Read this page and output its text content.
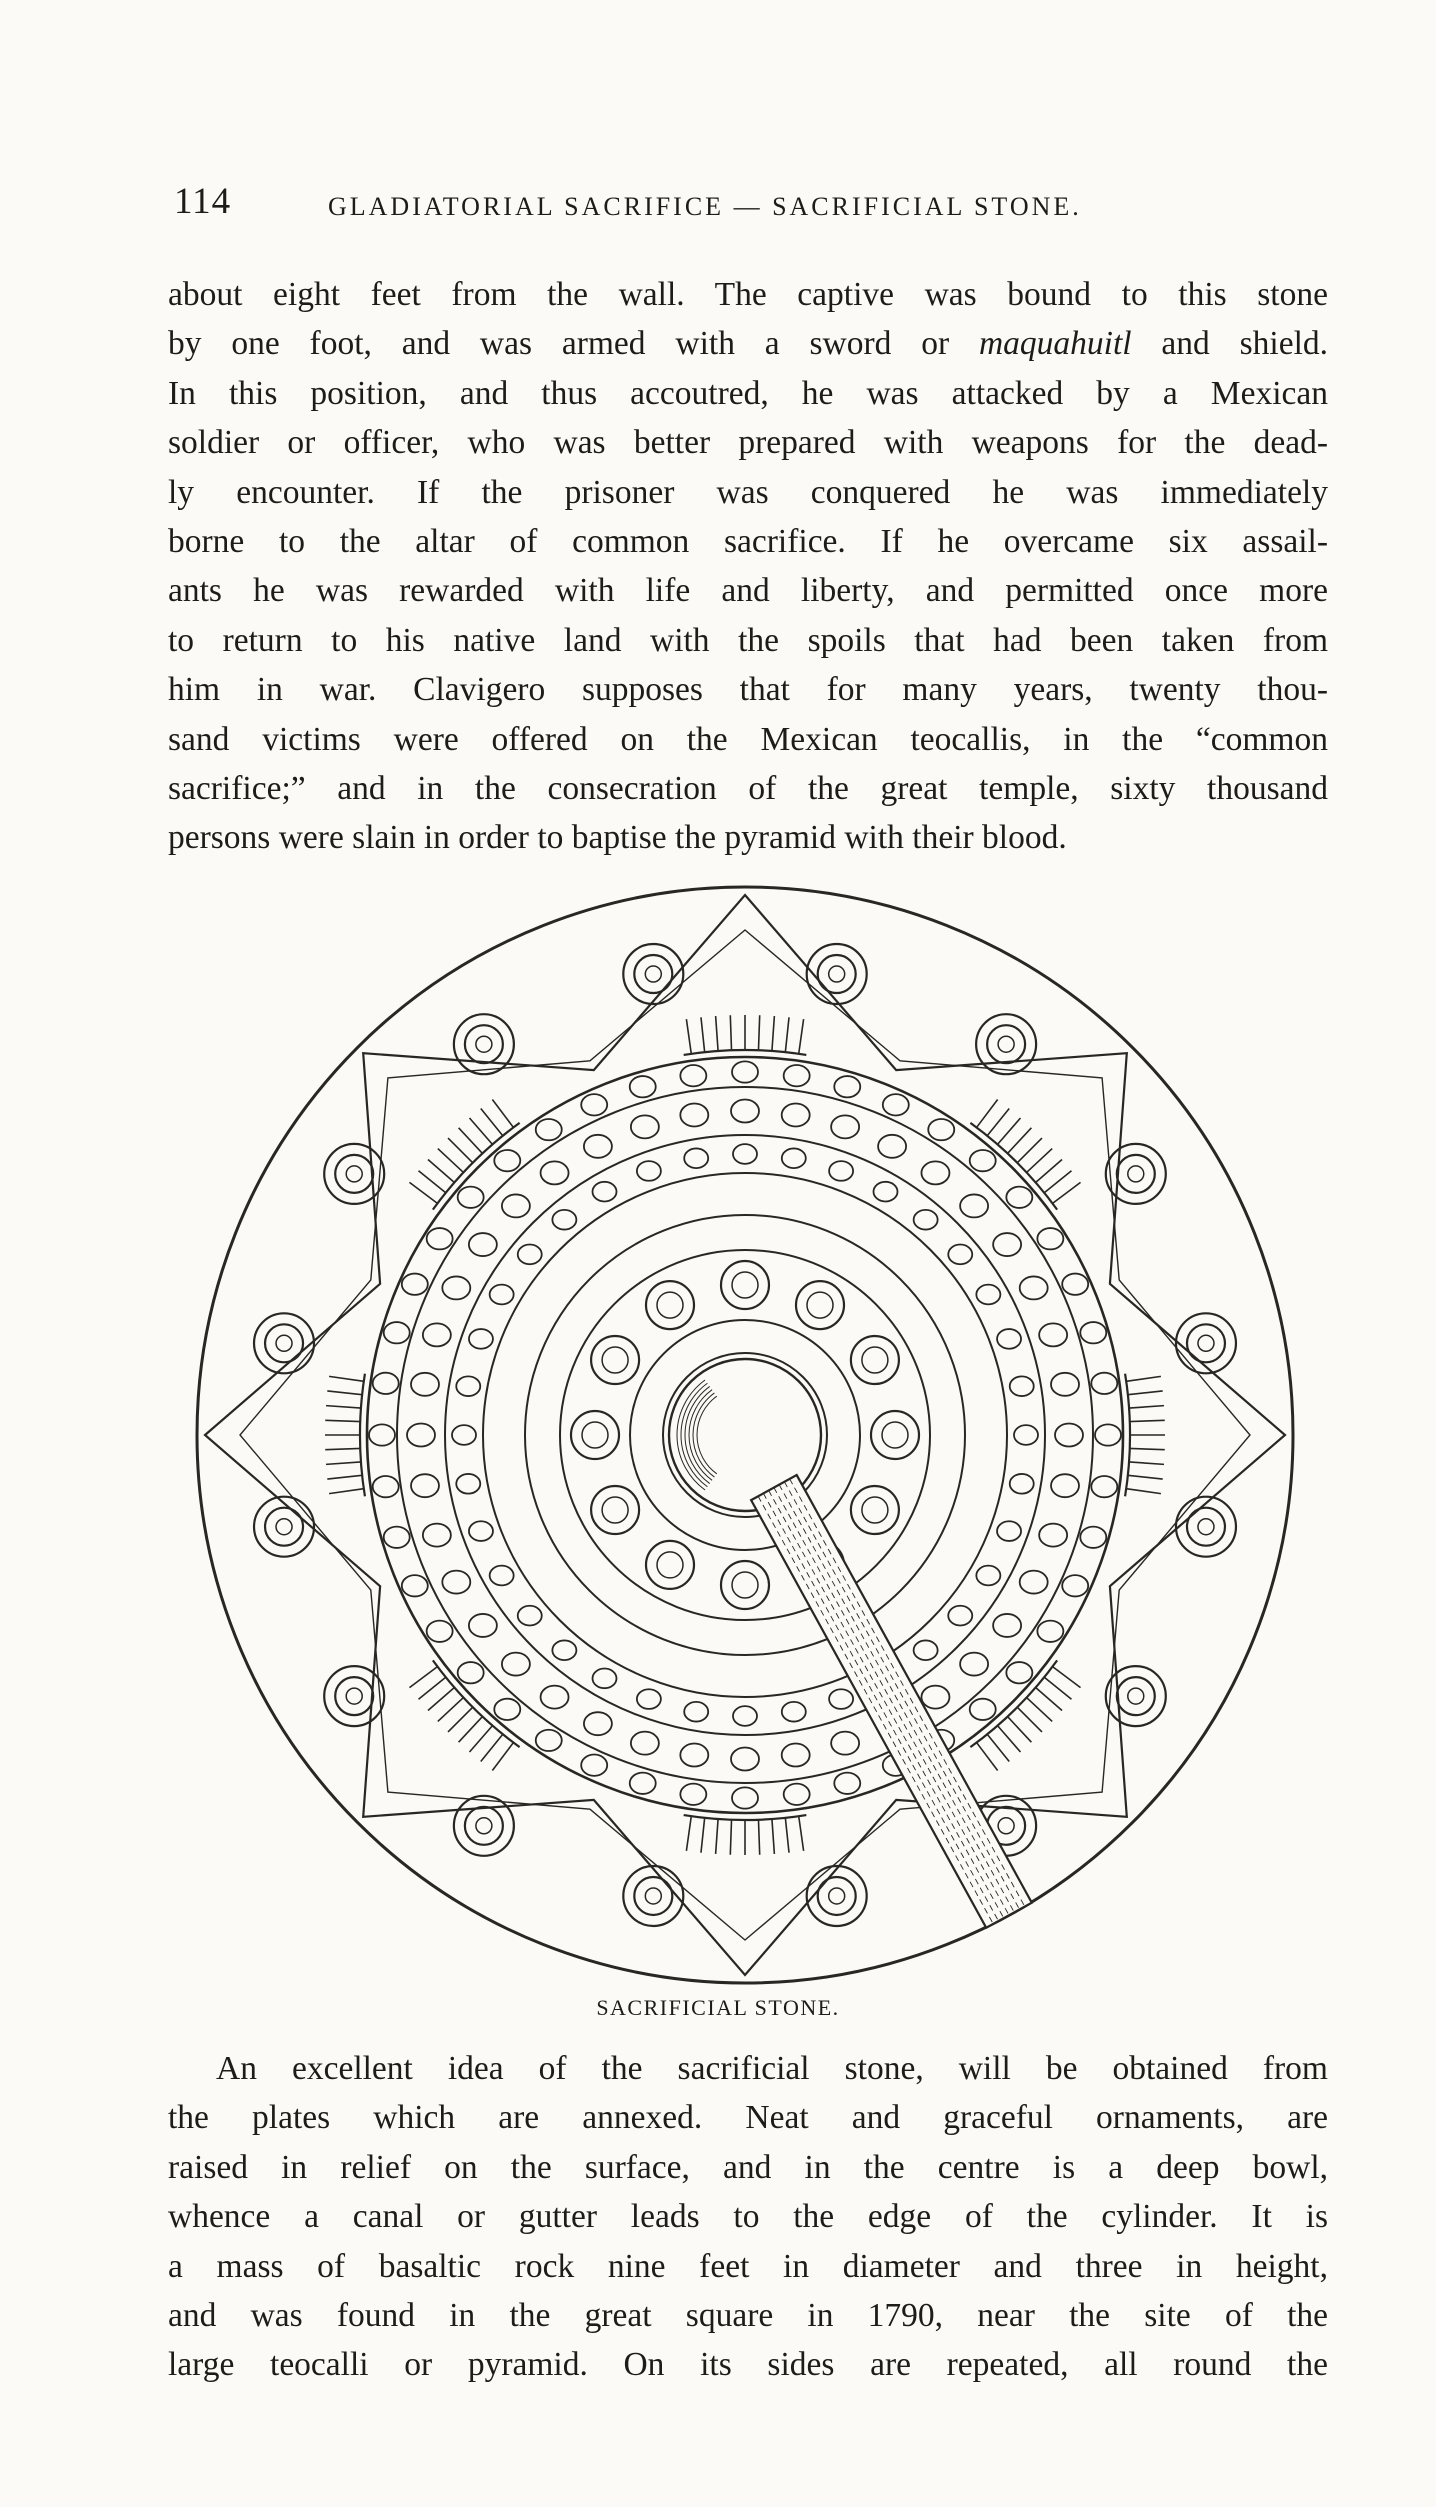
114	GLADIATORIAL SACRIFICE — SACRIFICIAL STONE.
about eight feet from the wall. The captive was bound to this stone
by one foot, and was armed with a sword or maquahuitl and shield.
In this position, and thus accoutred, he was attacked by a Mexican
soldier or officer, who was better prepared with weapons for the dead-
ly encounter. If the prisoner was conquered he was immediately
borne to the altar of common sacrifice. If he overcame six assail-
ants he was rewarded with life and liberty, and permitted once more
to return to his native land with the spoils that had been taken from
him in war. Clavigero supposes that for many years, twenty thou-
sand victims were offered on the Mexican teocallis, in the “common
sacrifice;” and in the consecration of the great temple, sixty thousand
persons were slain in order to baptise the pyramid with their blood.
SACRIFICIAL STONE.
An excellent idea of the sacrificial stone, will be obtained from
the plates which are annexed. Neat and graceful ornaments, are
raised in relief on the surface, and in the centre is a deep bowl,
whence a canal or gutter leads to the edge of the cylinder. It is
a mass of basaltic rock nine feet in diameter and three in height,
and was found in the great square in 1790, near the site of the
large teocalli or pyramid. On its sides are repeated, all round the
